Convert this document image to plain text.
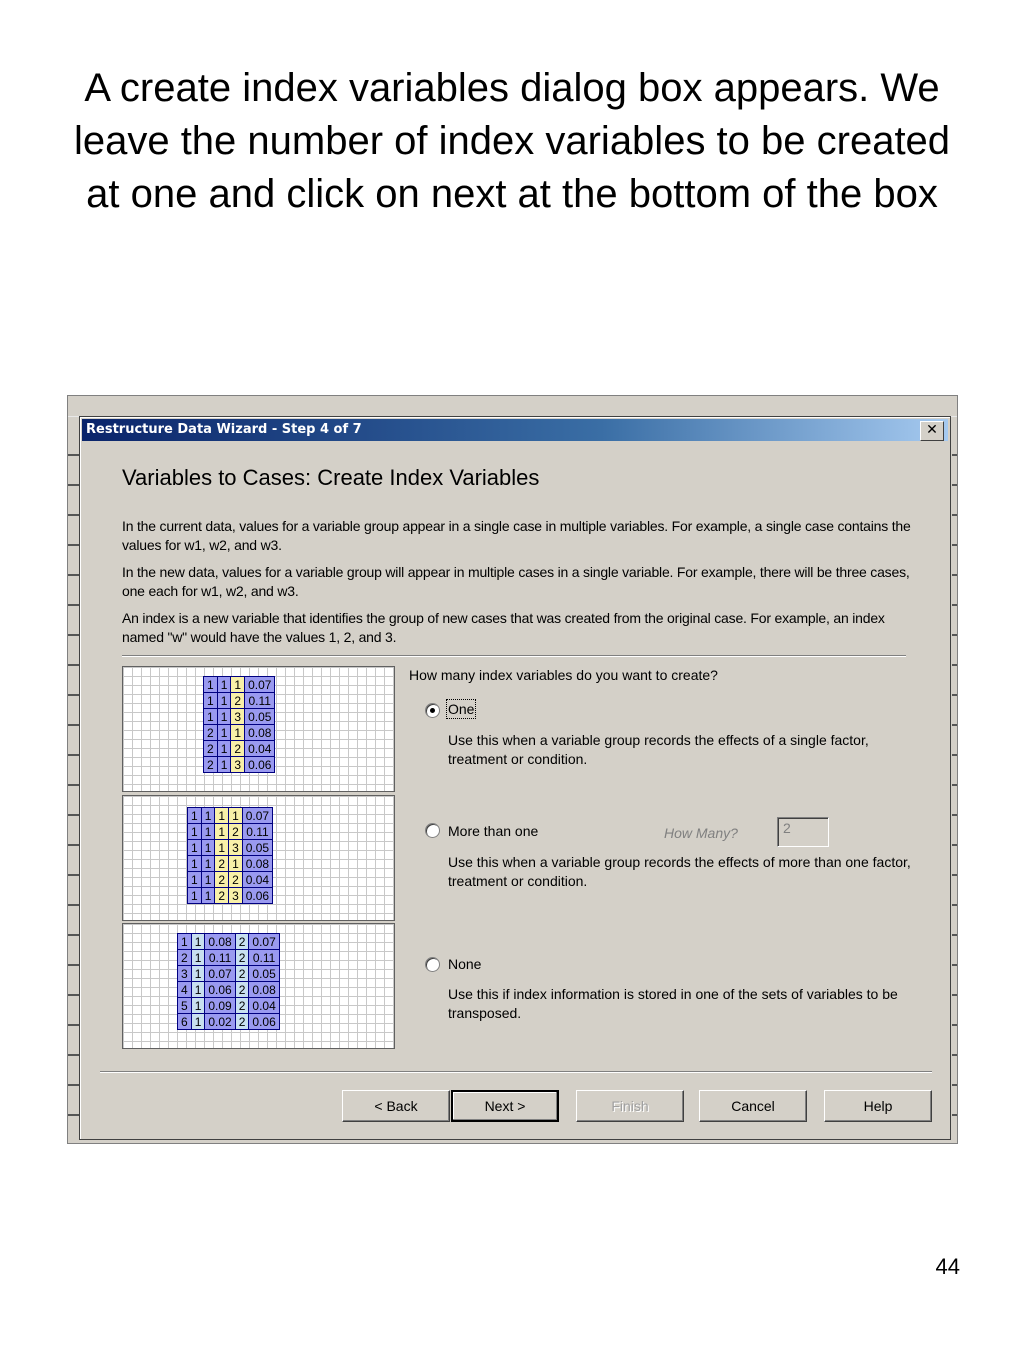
A create index variables dialog box appears. We leave the number of index variables to be created at one and click on next at the bottom of the box
Restructure Data Wizard - Step 4 of 7	✕
Variables to Cases: Create Index Variables
In the current data, values for a variable group appear in a single case in multiple variables. For example, a single case contains the values for w1, w2, and w3.
In the new data, values for a variable group will appear in multiple cases in a single variable. For example, there will be three cases, one each for w1, w2, and w3.
An index is a new variable that identifies the group of new cases that was created from the original case. For example, an index named "w" would have the values 1, 2, and 3.
1	1	1	0.07
1	1	2	0.11
1	1	3	0.05
2	1	1	0.08
2	1	2	0.04
2	1	3	0.06
1	1	1	1	0.07
1	1	1	2	0.11
1	1	1	3	0.05
1	1	2	1	0.08
1	1	2	2	0.04
1	1	2	3	0.06
1	1	0.08	2	0.07
2	1	0.11	2	0.11
3	1	0.07	2	0.05
4	1	0.06	2	0.08
5	1	0.09	2	0.04
6	1	0.02	2	0.06
How many index variables do you want to create?
One
Use this when a variable group records the effects of a single factor, treatment or condition.
More than one	How Many?	2
Use this when a variable group records the effects of more than one factor, treatment or condition.
None
Use this if index information is stored in one of the sets of variables to be transposed.
< Back	Next >	Finish	Cancel	Help
44
